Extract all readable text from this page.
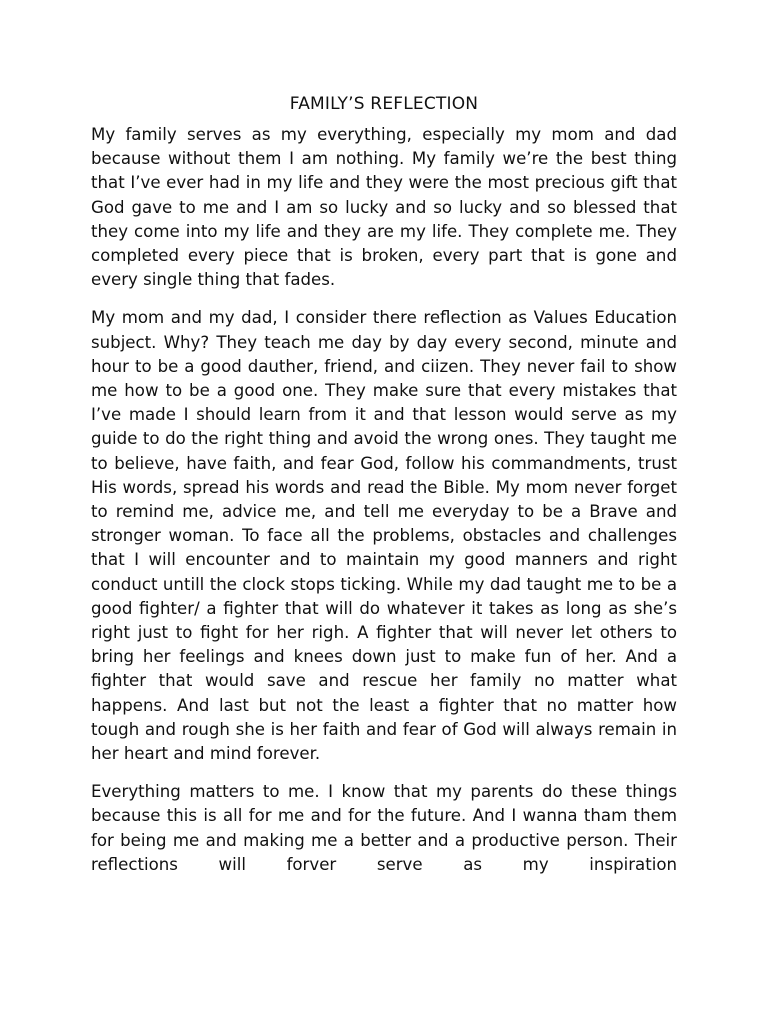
FAMILY’S REFLECTION

My family serves as my everything, especially my mom and dad because without them I am nothing. My family we’re the best thing that I’ve ever had in my life and they were the most precious gift that God gave to me and I am so lucky and so lucky and so blessed that they come into my life and they are my life. They complete me. They completed every piece that is broken, every part that is gone and every single thing that fades.

My mom and my dad, I consider there reflection as Values Education subject. Why? They teach me day by day every second, minute and hour to be a good dauther, friend, and ciizen. They never fail to show me how to be a good one. They make sure that every mistakes that I’ve made I should learn from it and that lesson would serve as my guide to do the right thing and avoid the wrong ones. They taught me to believe, have faith, and fear God, follow his commandments, trust His words, spread his words and read the Bible. My mom never forget to remind me, advice me, and tell me everyday to be a Brave and stronger woman. To face all the problems, obstacles and challenges that I will encounter and to maintain my good manners and right conduct untill the clock stops ticking. While my dad taught me to be a good fighter/ a fighter that will do whatever it takes as long as she’s right just to fight for her righ. A fighter that will never let others to bring her feelings and knees down just to make fun of her. And a fighter that would save and rescue her family no matter what happens. And last but not the least a fighter that no matter how tough and rough she is her faith and fear of God will always remain in her heart and mind forever.

Everything matters to me. I know that my parents do these things because this is all for me and for the future. And I wanna tham them for being me and making me a better and a productive person. Their reflections will forver serve as my inspiration
